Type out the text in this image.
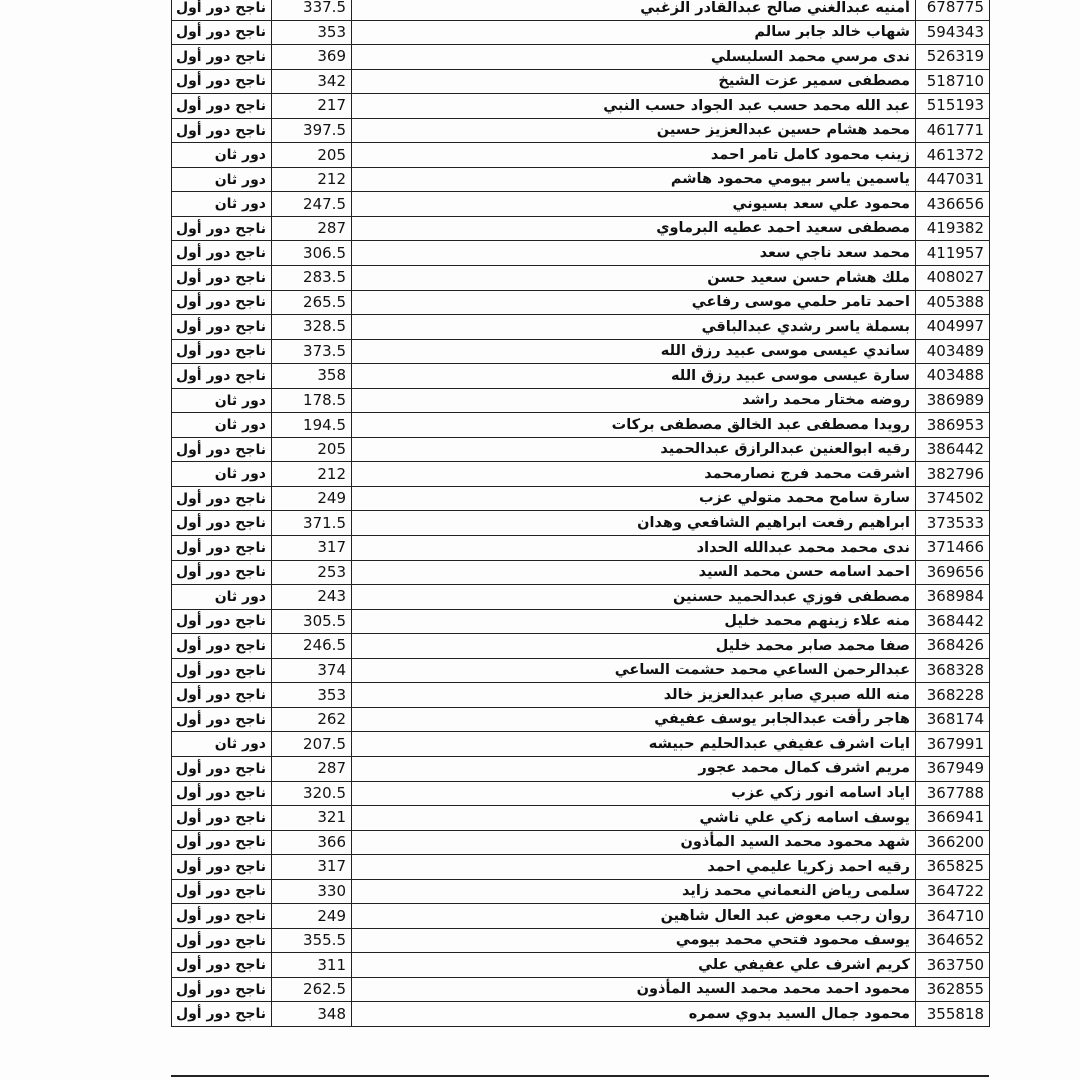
ناجح دور أول	337.5	أمنيه عبدالغني صالح عبدالقادر الزغبي	678775
ناجح دور أول	353	شهاب خالد جابر سالم	594343
ناجح دور أول	369	ندى مرسي محمد السلبسلي	526319
ناجح دور أول	342	مصطفى سمير عزت الشيخ	518710
ناجح دور أول	217	عبد الله محمد حسب عبد الجواد حسب النبي	515193
ناجح دور أول	397.5	محمد هشام حسين عبدالعزيز حسين	461771
دور ثان	205	زينب محمود كامل تامر احمد	461372
دور ثان	212	ياسمين ياسر بيومي محمود هاشم	447031
دور ثان	247.5	محمود علي سعد بسيوني	436656
ناجح دور أول	287	مصطفى سعيد احمد عطيه البرماوي	419382
ناجح دور أول	306.5	محمد سعد ناجي سعد	411957
ناجح دور أول	283.5	ملك هشام حسن سعيد حسن	408027
ناجح دور أول	265.5	احمد تامر حلمي موسى رفاعي	405388
ناجح دور أول	328.5	بسملة ياسر رشدي عبدالباقي	404997
ناجح دور أول	373.5	ساندي عيسى موسى عبيد رزق الله	403489
ناجح دور أول	358	سارة عيسى موسى عبيد رزق الله	403488
دور ثان	178.5	روضه مختار محمد راشد	386989
دور ثان	194.5	رويدا مصطفى عبد الخالق مصطفى بركات	386953
ناجح دور أول	205	رقيه ابوالعنين عبدالرازق عبدالحميد	386442
دور ثان	212	اشرقت محمد فرج نصارمحمد	382796
ناجح دور أول	249	سارة سامح محمد متولي عزب	374502
ناجح دور أول	371.5	ابراهيم رفعت ابراهيم الشافعي وهدان	373533
ناجح دور أول	317	ندى محمد محمد عبدالله الحداد	371466
ناجح دور أول	253	احمد اسامه حسن محمد السيد	369656
دور ثان	243	مصطفى فوزي عبدالحميد حسنين	368984
ناجح دور أول	305.5	منه علاء زينهم محمد خليل	368442
ناجح دور أول	246.5	صفا محمد صابر محمد خليل	368426
ناجح دور أول	374	عبدالرحمن الساعي محمد حشمت الساعي	368328
ناجح دور أول	353	منه الله صبري صابر عبدالعزيز خالد	368228
ناجح دور أول	262	هاجر رأفت عبدالجابر يوسف عفيفي	368174
دور ثان	207.5	ايات اشرف عفيفي عبدالحليم حبيشه	367991
ناجح دور أول	287	مريم اشرف كمال محمد عجور	367949
ناجح دور أول	320.5	اياد اسامه انور زكي عزب	367788
ناجح دور أول	321	يوسف اسامه زكي علي ناشي	366941
ناجح دور أول	366	شهد محمود محمد السيد المأذون	366200
ناجح دور أول	317	رقيه احمد زكريا عليمي احمد	365825
ناجح دور أول	330	سلمى رياض النعماني محمد زايد	364722
ناجح دور أول	249	روان رجب معوض عبد العال شاهين	364710
ناجح دور أول	355.5	يوسف محمود فتحي محمد بيومي	364652
ناجح دور أول	311	كريم اشرف علي عفيفي علي	363750
ناجح دور أول	262.5	محمود احمد محمد محمد السيد المأذون	362855
ناجح دور أول	348	محمود جمال السيد بدوي سمره	355818
